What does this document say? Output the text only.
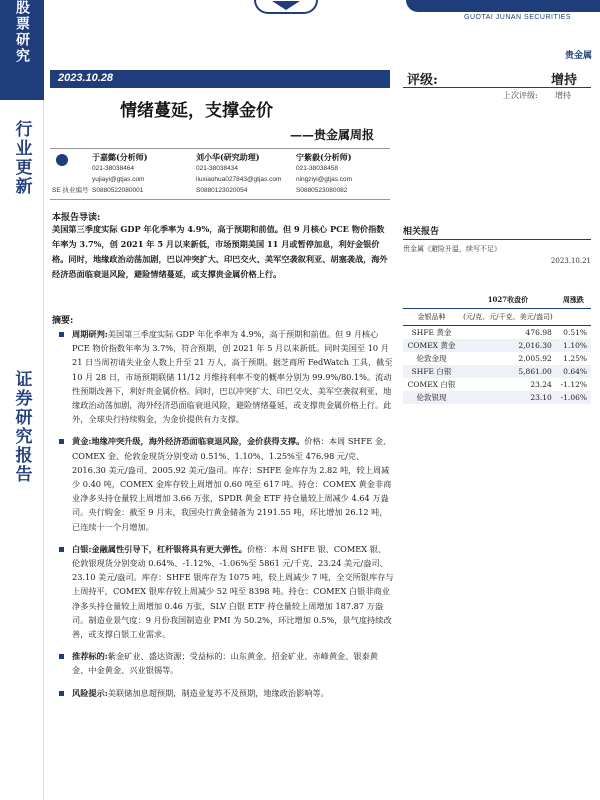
股票研究
行业更新
证券研究报告
GUOTAI JUNAN SECURITIES
贵金属
2023.10.28
情绪蔓延，支撑金价
——贵金属周报
评级:	增持
上次评级: 增持
SE 执业编号
于嘉懿(分析师)
021-38038464
yujiayi@gtjas.com
S0880522080001
刘小华(研究助理)
021-38038434
liuxiaohua027843@gtjas.com
S0880123020054
宁紫毅(分析师)
021-38038458
ningziyi@gtjas.com
S0880523080082
相关报告
贵金属《避险升温，续写不足》
2023.10.21
本报告导读:
美国第三季度实际 GDP 年化季率为 4.9%，高于预期和前值。但 9 月核心 PCE 物价指数年率为 3.7%，创 2021 年 5 月以来新低，市场预期美国 11 月或暂停加息，利好金银价格。同时，地缘政治动荡加剧，巴以冲突扩大、印巴交火、美军空袭叙利亚、胡塞袭战，海外经济恐面临衰退风险，避险情绪蔓延，或支撑贵金属价格上行。
摘要:
周期研判:美国第三季度实际 GDP 年化季率为 4.9%，高于预期和前值。但 9 月核心 PCE 物价指数年率为 3.7%，符合预期，创 2021 年 5 月以来新低。同时美国至 10 月 21 日当周初请失业金人数上升至 21 万人，高于预期。据芝商所 FedWatch 工具，截至 10 月 28 日，市场预期联储 11/12 月维持利率不变的概率分别为 99.9%/80.1%。流动性预期改善下，利好贵金属价格。同时，巴以冲突扩大、印巴交火、美军空袭叙利亚，地缘政治动荡加剧，海外经济恐面临衰退风险，避险情绪蔓延，或支撑贵金属价格上行。此外，全球央行持续购金，为金价提供有力支撑。
黄金:地缘冲突升级，海外经济恐面临衰退风险，金价获得支撑。价格：本周 SHFE 金、COMEX 金、伦敦金现货分别变动 0.51%、1.10%、1.25%至 476.98 元/克、2016.30 美元/盎司、2005.92 美元/盎司。库存：SHFE 金库存为 2.82 吨，较上周减少 0.40 吨，COMEX 金库存较上周增加 0.60 吨至 617 吨。持仓：COMEX 黄金非商业净多头持仓量较上周增加 3.66 万张，SPDR 黄金 ETF 持仓量较上周减少 4.64 万盎司。央行购金：截至 9 月末，我国央行黄金储备为 2191.55 吨，环比增加 26.12 吨，已连续十一个月增加。
白银:金融属性引导下，杠杆银将具有更大弹性。价格：本周 SHFE 银、COMEX 银、伦敦银现货分别变动 0.64%、-1.12%、-1.06%至 5861 元/千克、23.24 美元/盎司、23.10 美元/盎司。库存：SHFE 银库存为 1075 吨，较上周减少 7 吨，全交所银库存与上周持平，COMEX 银库存较上周减少 52 吨至 8398 吨。持仓：COMEX 白银非商业净多头持仓量较上周增加 0.46 万张，SLV 白银 ETF 持仓量较上周增加 187.87 万盎司。制造业景气度：9 月份我国制造业 PMI 为 50.2%，环比增加 0.5%，景气度持续改善，或支撑白银工业需求。
推荐标的:紫金矿业、盛达资源；受益标的：山东黄金、招金矿业、赤峰黄金、银泰黄金、中金黄金、兴业银锡等。
风险提示:美联储加息超预期，制造业复苏不及预期，地缘政治影响等。
	1027收盘价	周涨跌
金银品种	(元/克、元/千克、美元/盎司)	
SHFE 黄金	476.98	0.51%
COMEX 黄金	2,016.30	1.10%
伦敦金现	2,005.92	1.25%
SHFE 白银	5,861.00	0.64%
COMEX 白银	23.24	-1.12%
伦敦银现	23.10	-1.06%
